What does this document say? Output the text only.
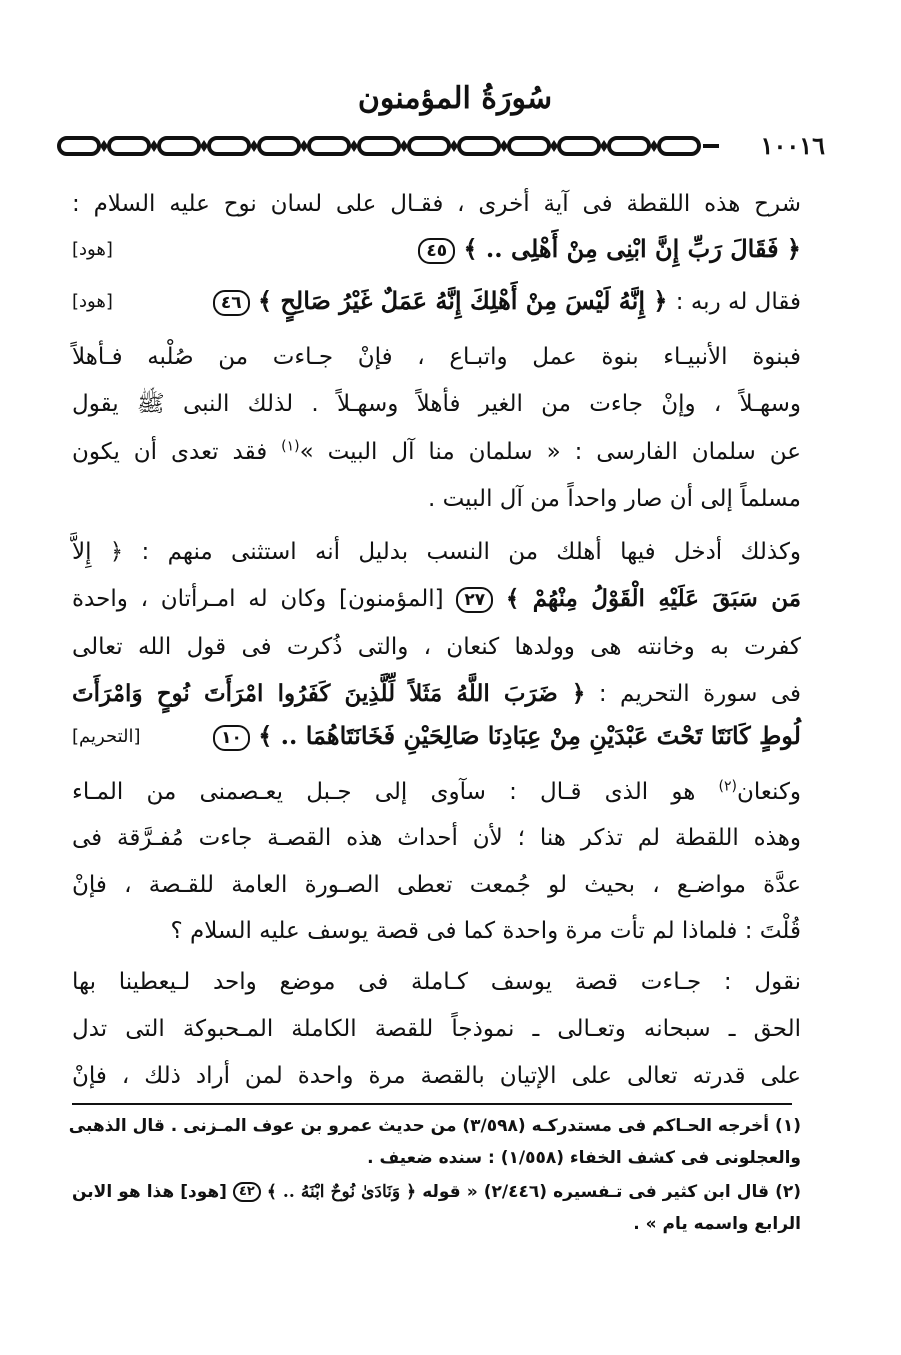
سُورَةُ المؤمنون
١٠٠١٦
شرح هذه اللقطة فى آية أخرى ، فقـال على لسان نوح عليه السلام :
﴿ فَقَالَ رَبِّ إِنَّ ابْنِى مِنْ أَهْلِى .. ﴾ ٤٥
[هود]
فقال له ربه : ﴿ إِنَّهُ لَيْسَ مِنْ أَهْلِكَ إِنَّهُ عَمَلٌ غَيْرُ صَالِحٍ ﴾ ٤٦
[هود]
فبنوة الأنبيـاء بنوة عمل واتبـاع ، فإنْ جـاءت من صُلْبه فـأهلاً
وسهـلاً ، وإنْ جاءت من الغير فأهلاً وسهـلاً . لذلك النبى ﷺ يقول
عن سلمان الفارسى : « سلمان منا آل البيت »$^{(١)}$ فقد تعدى أن يكون
مسلماً إلى أن صار واحداً من آل البيت .
وكذلك أدخل فيها أهلك من النسب بدليل أنه استثنى منهم : ﴿ إِلاَّ
مَن سَبَقَ عَلَيْهِ الْقَوْلُ مِنْهُمْ ﴾ ٢٧ [المؤمنون] وكان له امـرأتان ، واحدة
كفرت به وخانته هى وولدها كنعان ، والتى ذُكرت فى قول الله تعالى
فى سورة التحريم : ﴿ ضَرَبَ اللَّهُ مَثَلاً لِّلَّذِينَ كَفَرُوا امْرَأَتَ نُوحٍ وَامْرَأَتَ
لُوطٍ كَانَتَا تَحْتَ عَبْدَيْنِ مِنْ عِبَادِنَا صَالِحَيْنِ فَخَانَتَاهُمَا .. ﴾ ١٠
[التحريم]
وكنعان$^{(٢)}$ هو الذى قـال : سآوى إلى جـبل يعـصمنى من المـاء
وهذه اللقطة لم تذكر هنا ؛ لأن أحداث هذه القصـة جاءت مُفـرَّقة فى
عدَّة مواضـع ، بحيث لو جُمعت تعطى الصـورة العامة للقـصة ، فإنْ
قُلْتَ : فلماذا لم تأت مرة واحدة كما فى قصة يوسف عليه السلام ؟
نقول : جـاءت قصة يوسف كـاملة فى موضع واحد لـيعطينا بها
الحق ـ سبحانه وتعـالى ـ نموذجاً للقصة الكاملة المـحبوكة التى تدل
على قدرته تعالى على الإتيان بالقصة مرة واحدة لمن أراد ذلك ، فإنْ
(١) أخرجه الحـاكم فى مستدركـه (٣/٥٩٨) من حديث عمرو بن عوف المـزنى . قال الذهبى
والعجلونى فى كشف الخفاء (١/٥٥٨) : سنده ضعيف .
(٢) قال ابن كثير فى تـفسيره (٢/٤٤٦) « قوله ﴿ وَنَادَىٰ نُوحٌ ابْنَهُ .. ﴾ ٤٢ [هود] هذا هو الابن
الرابع واسمه يام » .
